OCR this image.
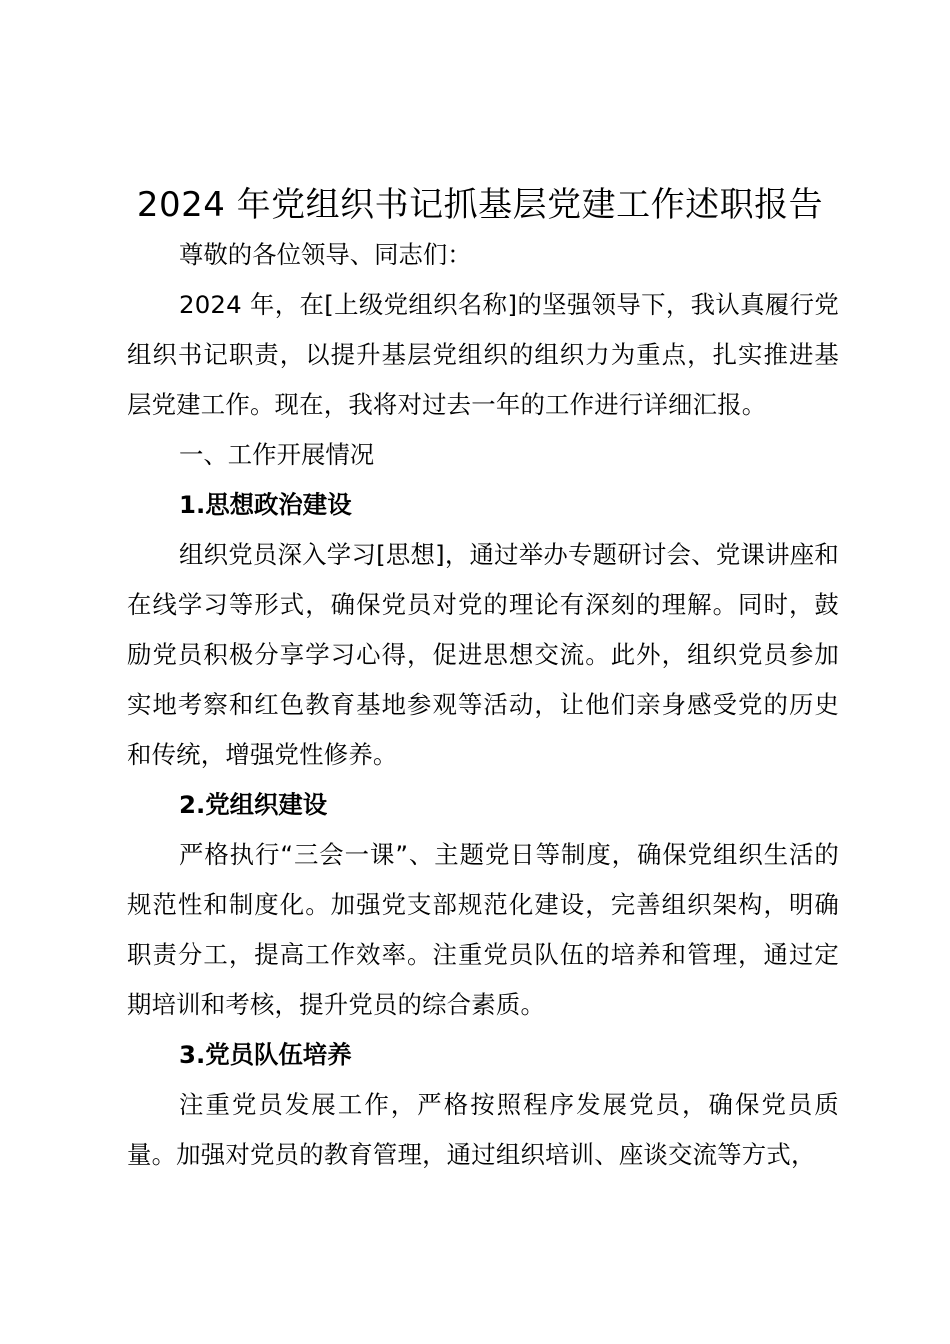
2024 年党组织书记抓基层党建工作述职报告
尊敬的各位领导、同志们：

2024 年，在[上级党组织名称]的坚强领导下，我认真履行党组织书记职责，以提升基层党组织的组织力为重点，扎实推进基层党建工作。现在，我将对过去一年的工作进行详细汇报。

一、工作开展情况
1.思想政治建设

组织党员深入学习[思想]，通过举办专题研讨会、党课讲座和在线学习等形式，确保党员对党的理论有深刻的理解。同时，鼓励党员积极分享学习心得，促进思想交流。此外，组织党员参加实地考察和红色教育基地参观等活动，让他们亲身感受党的历史和传统，增强党性修养。

2.党组织建设

严格执行“三会一课”、主题党日等制度，确保党组织生活的规范性和制度化。加强党支部规范化建设，完善组织架构，明确职责分工，提高工作效率。注重党员队伍的培养和管理，通过定期培训和考核，提升党员的综合素质。

3.党员队伍培养

注重党员发展工作，严格按照程序发展党员，确保党员质量。加强对党员的教育管理，通过组织培训、座谈交流等方式，
